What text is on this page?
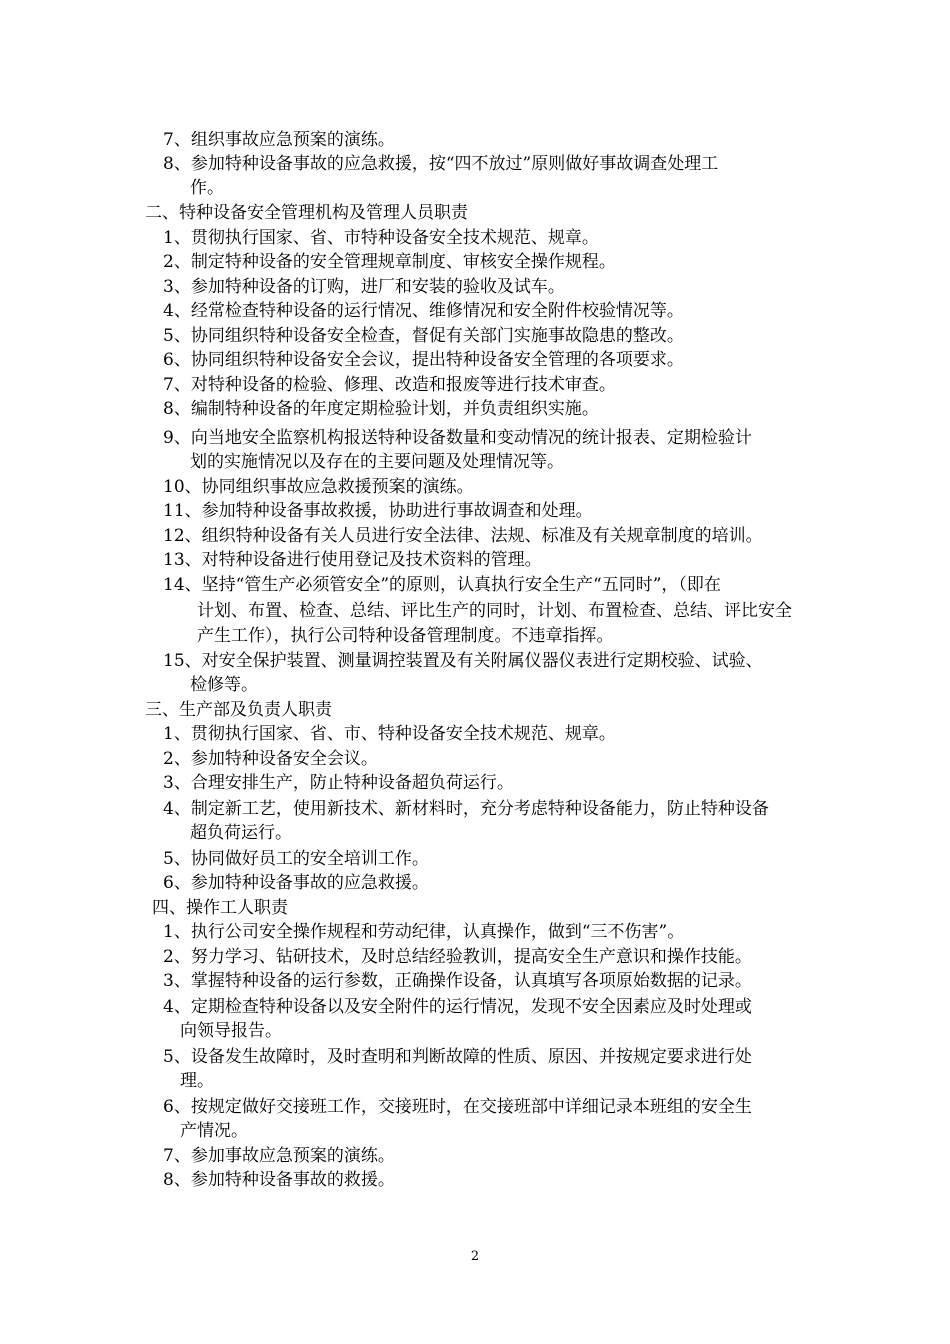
7、组织事故应急预案的演练。
8、参加特种设备事故的应急救援，按“四不放过”原则做好事故调查处理工
作。
二、特种设备安全管理机构及管理人员职责
1、贯彻执行国家、省、市特种设备安全技术规范、规章。
2、制定特种设备的安全管理规章制度、审核安全操作规程。
3、参加特种设备的订购，进厂和安装的验收及试车。
4、经常检查特种设备的运行情况、维修情况和安全附件校验情况等。
5、协同组织特种设备安全检查，督促有关部门实施事故隐患的整改。
6、协同组织特种设备安全会议，提出特种设备安全管理的各项要求。
7、对特种设备的检验、修理、改造和报废等进行技术审查。
8、编制特种设备的年度定期检验计划，并负责组织实施。
9、向当地安全监察机构报送特种设备数量和变动情况的统计报表、定期检验计
划的实施情况以及存在的主要问题及处理情况等。
10、协同组织事故应急救援预案的演练。
11、参加特种设备事故救援，协助进行事故调查和处理。
12、组织特种设备有关人员进行安全法律、法规、标准及有关规章制度的培训。
13、对特种设备进行使用登记及技术资料的管理。
14、坚持“管生产必须管安全”的原则，认真执行安全生产“五同时”，（即在
计划、布置、检查、总结、评比生产的同时，计划、布置检查、总结、评比安全
产生工作），执行公司特种设备管理制度。不违章指挥。
15、对安全保护装置、测量调控装置及有关附属仪器仪表进行定期校验、试验、
检修等。
三、生产部及负责人职责
1、贯彻执行国家、省、市、特种设备安全技术规范、规章。
2、参加特种设备安全会议。
3、合理安排生产，防止特种设备超负荷运行。
4、制定新工艺，使用新技术、新材料时，充分考虑特种设备能力，防止特种设备
超负荷运行。
5、协同做好员工的安全培训工作。
6、参加特种设备事故的应急救援。
四、操作工人职责
1、执行公司安全操作规程和劳动纪律，认真操作，做到“三不伤害”。
2、努力学习、钻研技术，及时总结经验教训，提高安全生产意识和操作技能。
3、掌握特种设备的运行参数，正确操作设备，认真填写各项原始数据的记录。
4、定期检查特种设备以及安全附件的运行情况，发现不安全因素应及时处理或
向领导报告。
5、设备发生故障时，及时查明和判断故障的性质、原因、并按规定要求进行处
理。
6、按规定做好交接班工作，交接班时，在交接班部中详细记录本班组的安全生
产情况。
7、参加事故应急预案的演练。
8、参加特种设备事故的救援。
2
